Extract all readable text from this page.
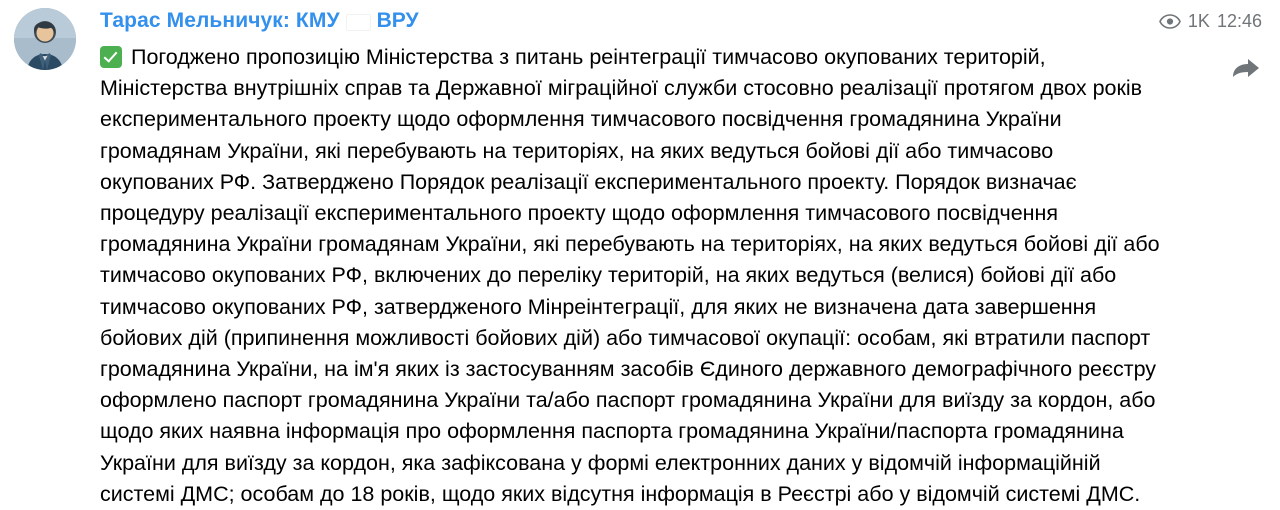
Тарас Мельничук: КМУ ВРУ	1K 12:46
Погоджено пропозицію Міністерства з питань реінтеграції тимчасово окупованих територій, Міністерства внутрішніх справ та Державної міграційної служби стосовно реалізації протягом двох років експериментального проекту щодо оформлення тимчасового посвідчення громадянина України громадянам України, які перебувають на територіях, на яких ведуться бойові дії або тимчасово окупованих РФ. Затверджено Порядок реалізації експериментального проекту. Порядок визначає процедуру реалізації експериментального проекту щодо оформлення тимчасового посвідчення громадянина України громадянам України, які перебувають на територіях, на яких ведуться бойові дії або тимчасово окупованих РФ, включених до переліку територій, на яких ведуться (велися) бойові дії або тимчасово окупованих РФ, затвердженого Мінреінтеграції, для яких не визначена дата завершення бойових дій (припинення можливості бойових дій) або тимчасової окупації: особам, які втратили паспорт громадянина України, на ім'я яких із застосуванням засобів Єдиного державного демографічного реєстру оформлено паспорт громадянина України та/або паспорт громадянина України для виїзду за кордон, або щодо яких наявна інформація про оформлення паспорта громадянина України/паспорта громадянина України для виїзду за кордон, яка зафіксована у формі електронних даних у відомчій інформаційній системі ДМС; особам до 18 років, щодо яких відсутня інформація в Реєстрі або у відомчій системі ДМС.
